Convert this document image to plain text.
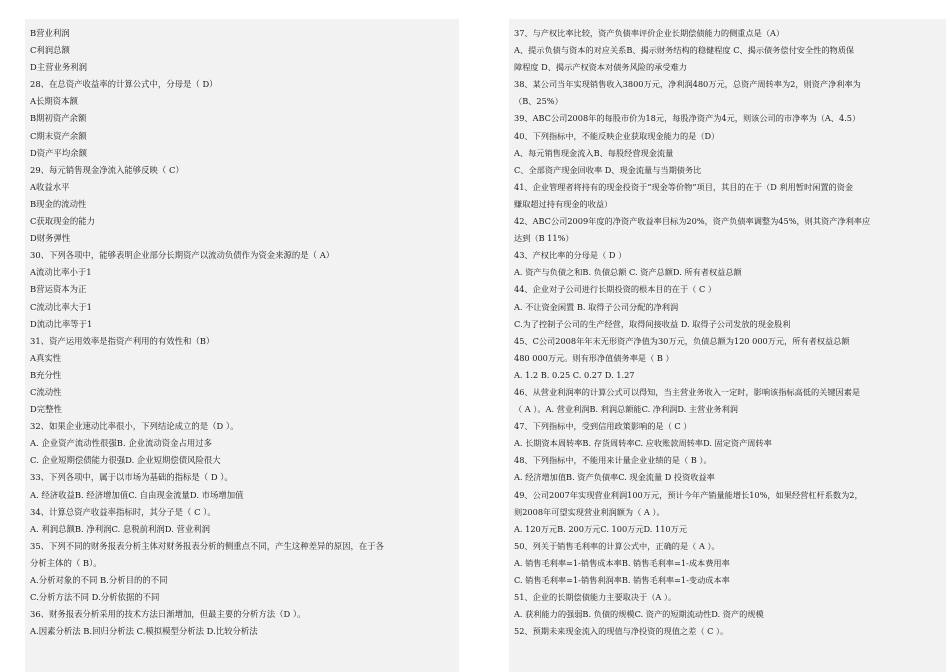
B营业利润
C利润总额
D主营业务利润
28、在总资产收益率的计算公式中，分母是（ D）
A长期资本额
B期初资产余额
C期末资产余额
D资产平均余额
29、每元销售现金净流入能够反映（ C）
A收益水平
B现金的流动性
C获取现金的能力
D财务弹性
30、下列各项中，能够表明企业部分长期资产以流动负债作为资金来源的是（ A）
A流动比率小于1
B营运资本为正
C流动比率大于1
D流动比率等于1
31、资产运用效率是指资产利用的有效性和（B）
A真实性
B充分性
C流动性
D完整性
32、如果企业速动比率很小，下列结论成立的是（D ）。
A. 企业资产流动性很强B. 企业流动资金占用过多
C. 企业短期偿债能力很强D. 企业短期偿债风险很大
33、下列各项中，属于以市场为基础的指标是（ D ）。
A. 经济收益B. 经济增加值C. 自由现金流量D. 市场增加值
34、计算总资产收益率指标时，其分子是（ C ）。
A. 利润总额B. 净利润C. 息税前利润D. 营业利润
35、下列不同的财务报表分析主体对财务报表分析的侧重点不同，产生这种差异的原因，在于各
分析主体的（ B）。
A.分析对象的不同 B.分析目的的不同
C.分析方法不同 D.分析依据的不同
36、财务报表分析采用的技术方法日渐增加，但最主要的分析方法（D ）。
A.因素分析法 B.回归分析法 C.模拟模型分析法 D.比较分析法
37、与产权比率比较，资产负债率评价企业长期偿债能力的侧重点是（A）
A、提示负债与资本的对应关系B、揭示财务结构的稳健程度 C、揭示债务偿付安全性的物质保
障程度 D、揭示产权资本对债务风险的承受难力
38、某公司当年实现销售收入3800万元，净利润480万元，总资产周转率为2，则资产净利率为
（B、25%）
39、ABC公司2008年的每股市价为18元，每股净资产为4元，则该公司的市净率为（A、4.5）
40、下列指标中，不能反映企业获取现金能力的是（D）
A、每元销售现金流入B、每股经营现金流量
C、全部资产现金回收率 D、现金流量与当期债务比
41、企业管理者将持有的现金投资于“现金等价物”项目，其目的在于（D 利用暂时闲置的资金
赚取超过持有现金的收益）
42、ABC公司2009年度的净资产收益率目标为20%，资产负债率调整为45%，则其资产净利率应
达到（B 11%）
43、产权比率的分母是（ D ）
A. 资产与负债之和B. 负债总额 C. 资产总额D. 所有者权益总额
44、企业对子公司进行长期投资的根本目的在于（ C ）
A. 不让资金闲置 B. 取得子公司分配的净利润
C.为了控制子公司的生产经营，取得间接收益 D. 取得子公司发放的现金股利
45、C公司2008年年末无形资产净值为30万元，负债总额为120 000万元，所有者权益总额
480 000万元。则有形净值债务率是（ B ）
A. 1.2 B. 0.25 C. 0.27 D. 1.27
46、从营业利润率的计算公式可以得知，当主营业务收入一定时，影响该指标高低的关键因素是
（ A ）。A. 营业利润B. 利润总额能C. 净利润D. 主营业务利润
47、下列指标中，受到信用政策影响的是（ C ）
A. 长期资本周转率B. 存货周转率C. 应收账款周转率D. 固定资产周转率
48、下列指标中，不能用来计量企业业绩的是（ B ）。
A. 经济增加值B. 资产负债率C. 现金流量 D 投资收益率
49、公司2007年实现营业利润100万元，预计今年产销量能增长10%，如果经营杠杆系数为2，
则2008年可望实现营业利润额为（ A ）。
A. 120万元B. 200万元C. 100万元D. 110万元
50、列关于销售毛利率的计算公式中，正确的是（ A ）。
A. 销售毛利率=1-销售成本率B. 销售毛利率=1-成本费用率
C. 销售毛利率=1-销售利润率B. 销售毛利率=1-变动成本率
51、企业的长期偿债能力主要取决于（A ）。
A. 获利能力的强弱B. 负债的规模C. 资产的短期流动性D. 资产的规模
52、预期未来现金流入的现值与净投资的现值之差（ C ）。
